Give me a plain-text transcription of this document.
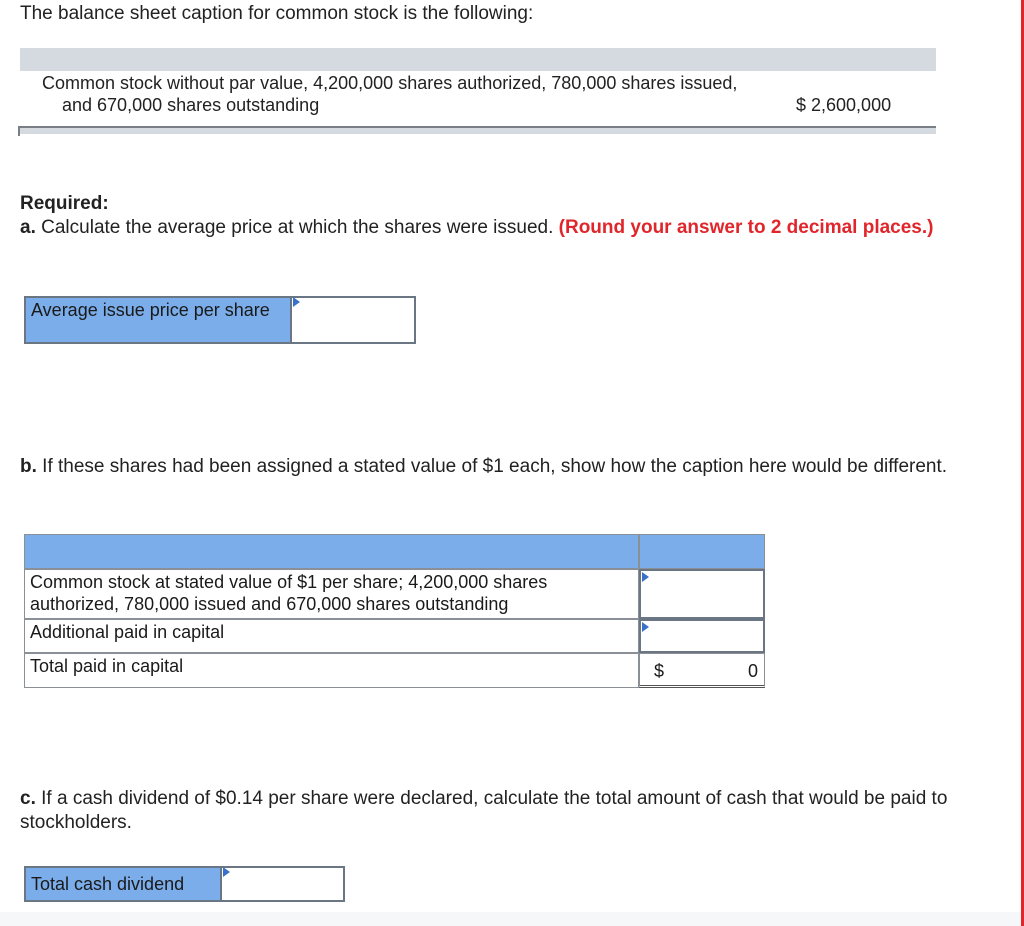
The balance sheet caption for common stock is the following:
Common stock without par value, 4,200,000 shares authorized, 780,000 shares issued,
and 670,000 shares outstanding	$ 2,600,000
Required:
a. Calculate the average price at which the shares were issued. (Round your answer to 2 decimal places.)
Average issue price per share
b. If these shares had been assigned a stated value of $1 each, show how the caption here would be different.
Common stock at stated value of $1 per share; 4,200,000 shares authorized, 780,000 issued and 670,000 shares outstanding
Additional paid in capital
Total paid in capital	$	0
c. If a cash dividend of $0.14 per share were declared, calculate the total amount of cash that would be paid to stockholders.
Total cash dividend
